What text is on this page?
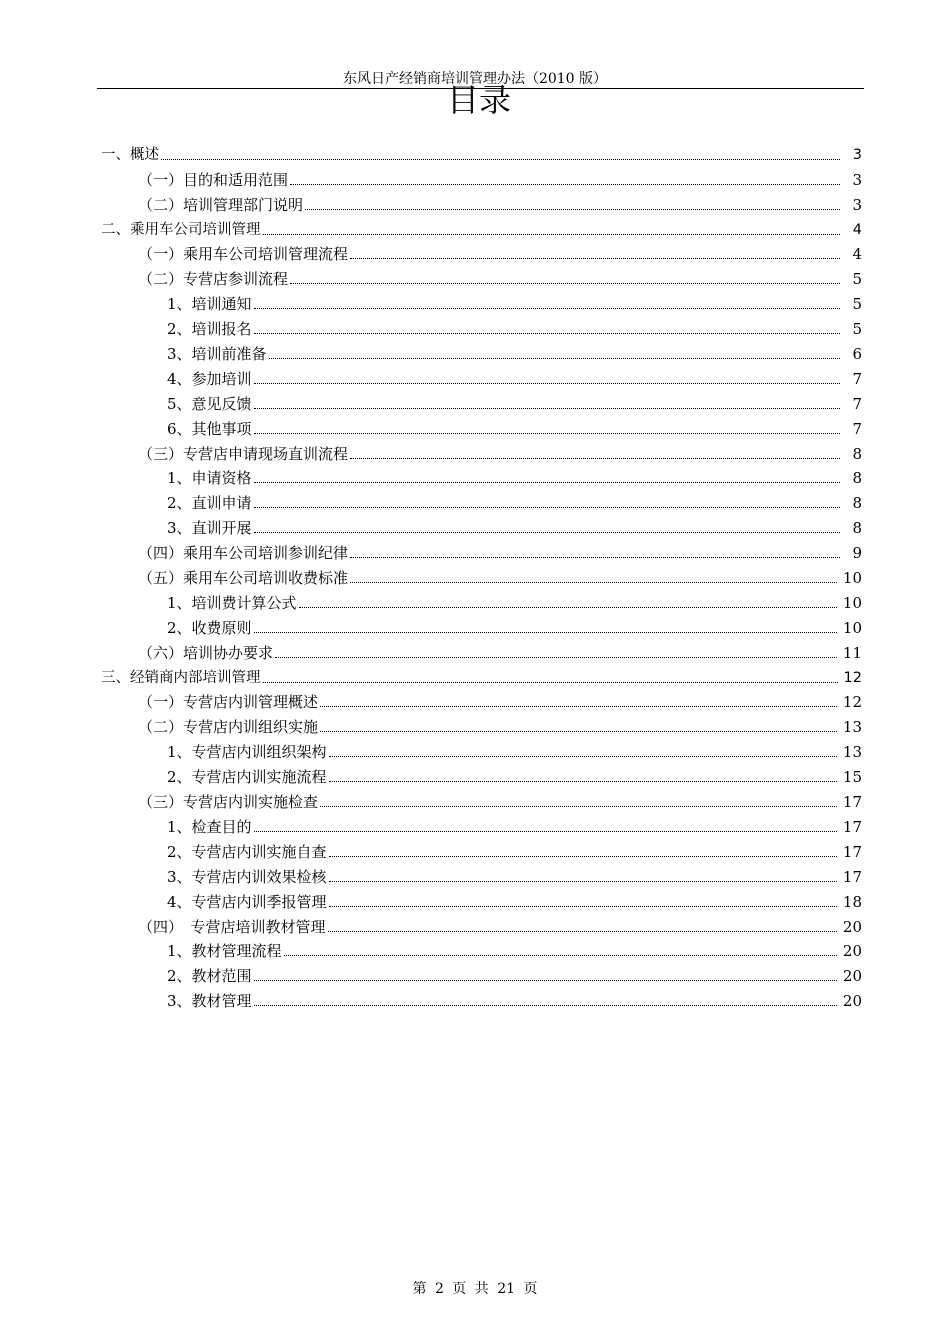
东风日产经销商培训管理办法（2010 版）
目录
一、概述	3
（一）目的和适用范围	3
（二）培训管理部门说明	3
二、乘用车公司培训管理	4
（一）乘用车公司培训管理流程	4
（二）专营店参训流程	5
1、培训通知	5
2、培训报名	5
3、培训前准备	6
4、参加培训	7
5、意见反馈	7
6、其他事项	7
（三）专营店申请现场直训流程	8
1、申请资格	8
2、直训申请	8
3、直训开展	8
（四）乘用车公司培训参训纪律	9
（五）乘用车公司培训收费标准	10
1、培训费计算公式	10
2、收费原则	10
（六）培训协办要求	11
三、经销商内部培训管理	12
（一）专营店内训管理概述	12
（二）专营店内训组织实施	13
1、专营店内训组织架构	13
2、专营店内训实施流程	15
（三）专营店内训实施检查	17
1、检查目的	17
2、专营店内训实施自查	17
3、专营店内训效果检核	17
4、专营店内训季报管理	18
（四）　专营店培训教材管理	20
1、教材管理流程	20
2、教材范围	20
3、教材管理	20
第 2 页 共 21 页
